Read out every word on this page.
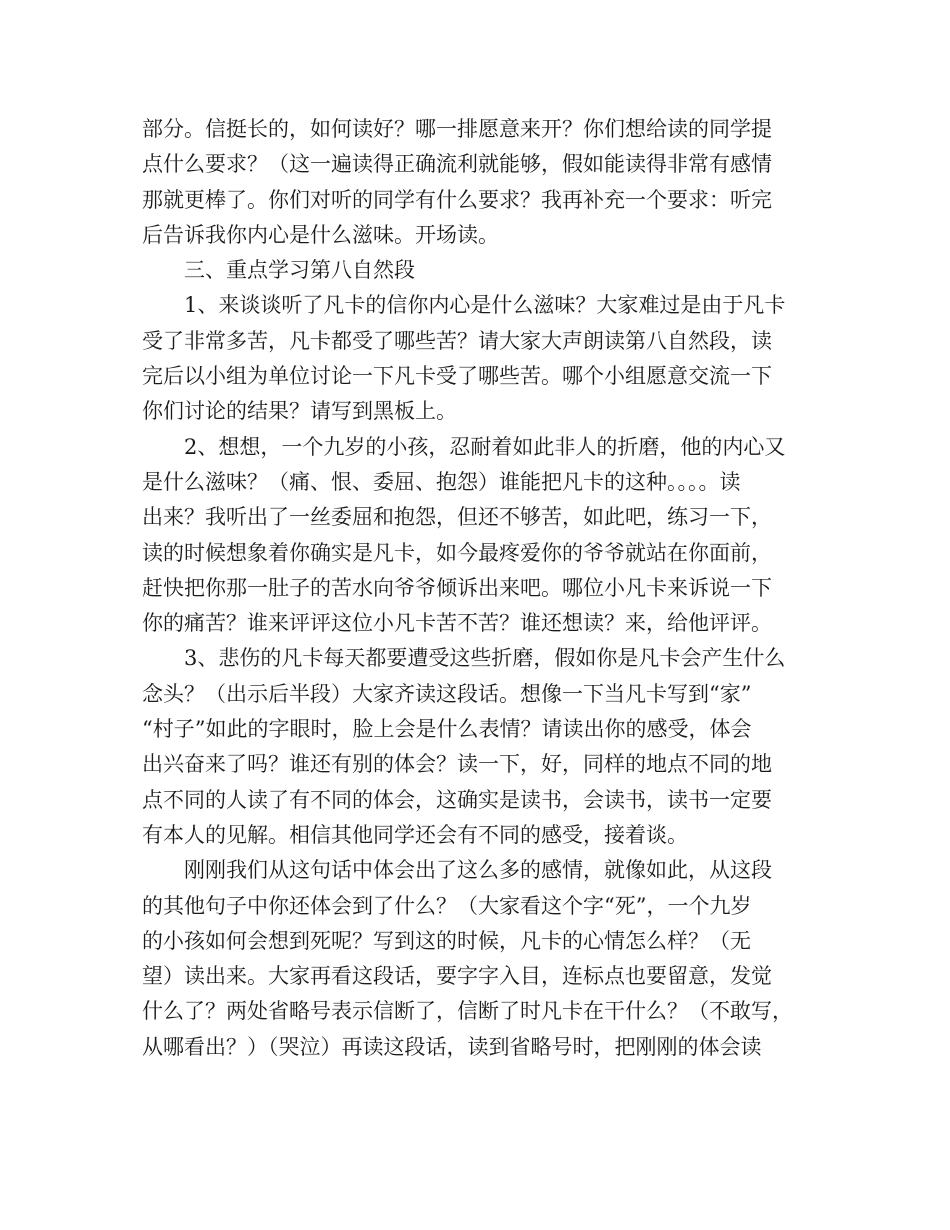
部分。信挺长的，如何读好？哪一排愿意来开？你们想给读的同学提
点什么要求？（这一遍读得正确流利就能够，假如能读得非常有感情
那就更棒了。你们对听的同学有什么要求？我再补充一个要求：听完
后告诉我你内心是什么滋味。开场读。
三、重点学习第八自然段
1、来谈谈听了凡卡的信你内心是什么滋味？大家难过是由于凡卡
受了非常多苦，凡卡都受了哪些苦？请大家大声朗读第八自然段，读
完后以小组为单位讨论一下凡卡受了哪些苦。哪个小组愿意交流一下
你们讨论的结果？请写到黑板上。
2、想想，一个九岁的小孩，忍耐着如此非人的折磨，他的内心又
是什么滋味？（痛、恨、委屈、抱怨）谁能把凡卡的这种。。。。读
出来？我听出了一丝委屈和抱怨，但还不够苦，如此吧，练习一下，
读的时候想象着你确实是凡卡，如今最疼爱你的爷爷就站在你面前，
赶快把你那一肚子的苦水向爷爷倾诉出来吧。哪位小凡卡来诉说一下
你的痛苦？谁来评评这位小凡卡苦不苦？谁还想读？来，给他评评。
3、悲伤的凡卡每天都要遭受这些折磨，假如你是凡卡会产生什么
念头？（出示后半段）大家齐读这段话。想像一下当凡卡写到“家”
“村子”如此的字眼时，脸上会是什么表情？请读出你的感受，体会
出兴奋来了吗？谁还有别的体会？读一下，好，同样的地点不同的地
点不同的人读了有不同的体会，这确实是读书，会读书，读书一定要
有本人的见解。相信其他同学还会有不同的感受，接着谈。
刚刚我们从这句话中体会出了这么多的感情，就像如此，从这段
的其他句子中你还体会到了什么？（大家看这个字“死”，一个九岁
的小孩如何会想到死呢？写到这的时候，凡卡的心情怎么样？（无
望）读出来。大家再看这段话，要字字入目，连标点也要留意，发觉
什么了？两处省略号表示信断了，信断了时凡卡在干什么？（不敢写，
从哪看出？）（哭泣）再读这段话，读到省略号时，把刚刚的体会读
